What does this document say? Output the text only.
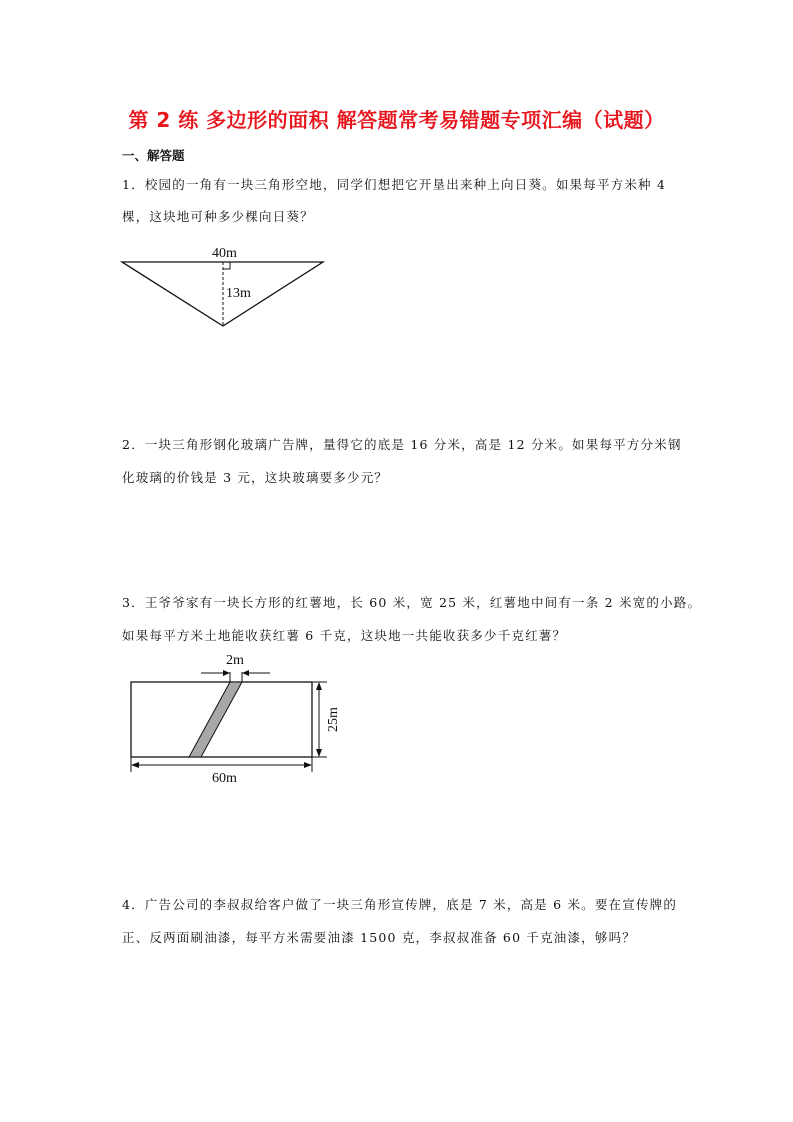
第 2 练 多边形的面积 解答题常考易错题专项汇编（试题）
一、解答题
1．校园的一角有一块三角形空地，同学们想把它开垦出来种上向日葵。如果每平方米种 4
棵，这块地可种多少棵向日葵？
2．一块三角形钢化玻璃广告牌，量得它的底是 16 分米，高是 12 分米。如果每平方分米钢
化玻璃的价钱是 3 元，这块玻璃要多少元？
3．王爷爷家有一块长方形的红薯地，长 60 米，宽 25 米，红薯地中间有一条 2 米宽的小路。
如果每平方米土地能收获红薯 6 千克，这块地一共能收获多少千克红薯？
4．广告公司的李叔叔给客户做了一块三角形宣传牌，底是 7 米，高是 6 米。要在宣传牌的
正、反两面刷油漆，每平方米需要油漆 1500 克，李叔叔准备 60 千克油漆，够吗？
40m
13m
2m
25m
60m
